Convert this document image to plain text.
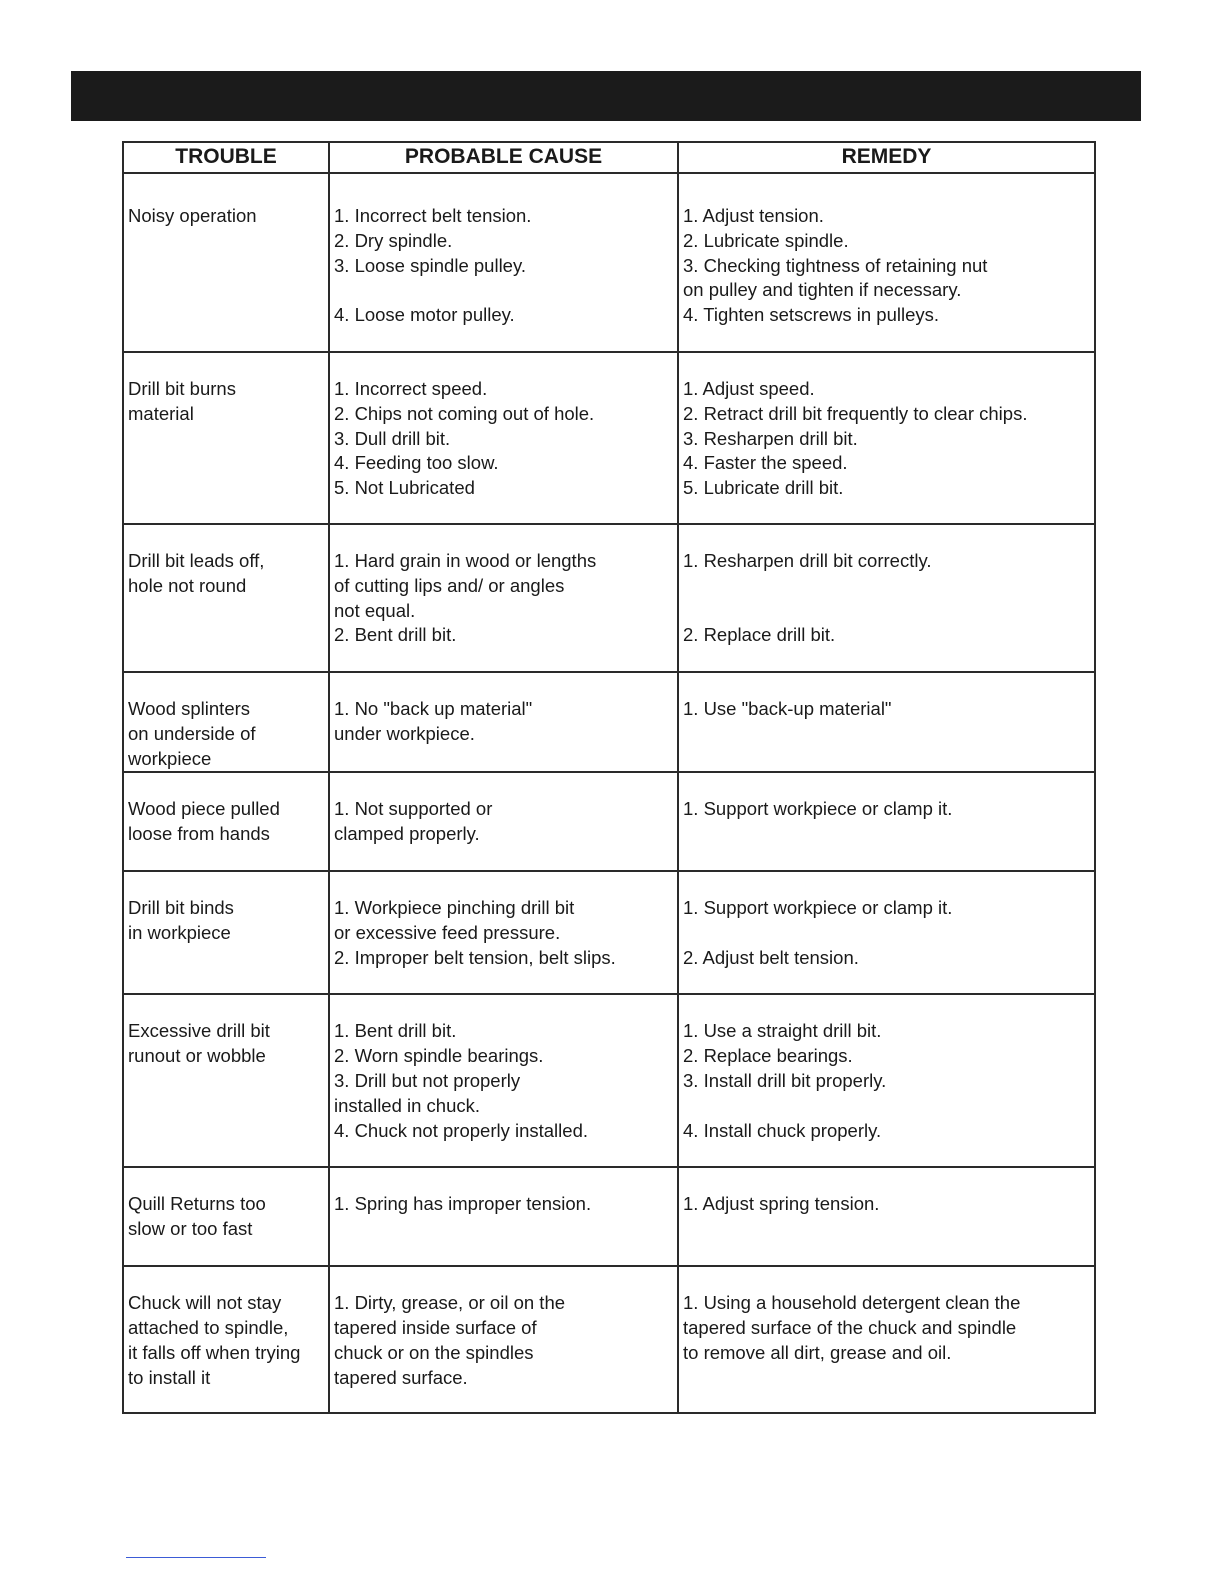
TROUBLE	PROBABLE CAUSE	REMEDY

Noisy operation	1. Incorrect belt tension.
2. Dry spindle.
3. Loose spindle pulley.

4. Loose motor pulley.	1. Adjust tension.
2. Lubricate spindle.
3. Checking tightness of retaining nut
on pulley and tighten if necessary.
4. Tighten setscrews in pulleys.

Drill bit burns
material	1. Incorrect speed.
2. Chips not coming out of hole.
3. Dull drill bit.
4. Feeding too slow.
5. Not Lubricated	1. Adjust speed.
2. Retract drill bit frequently to clear chips.
3. Resharpen drill bit.
4. Faster the speed.
5. Lubricate drill bit.

Drill bit leads off,
hole not round	1. Hard grain in wood or lengths
of cutting lips and/ or angles
not equal.
2. Bent drill bit.	1. Resharpen drill bit correctly.

2. Replace drill bit.

Wood splinters
on underside of
workpiece	1. No "back up material"
under workpiece.	1. Use "back-up material"

Wood piece pulled
loose from hands	1. Not supported or
clamped properly.	1. Support workpiece or clamp it.

Drill bit binds
in workpiece	1. Workpiece pinching drill bit
or excessive feed pressure.
2. Improper belt tension, belt slips.	1. Support workpiece or clamp it.

2. Adjust belt tension.

Excessive drill bit
runout or wobble	1. Bent drill bit.
2. Worn spindle bearings.
3. Drill but not properly
installed in chuck.
4. Chuck not properly installed.	1. Use a straight drill bit.
2. Replace bearings.
3. Install drill bit properly.

4. Install chuck properly.

Quill Returns too
slow or too fast	1. Spring has improper tension.	1. Adjust spring tension.

Chuck will not stay
attached to spindle,
it falls off when trying
to install it	1. Dirty, grease, or oil on the
tapered inside surface of
chuck or on the spindles
tapered surface.	1. Using a household detergent clean the
tapered surface of the chuck and spindle
to remove all dirt, grease and oil.
